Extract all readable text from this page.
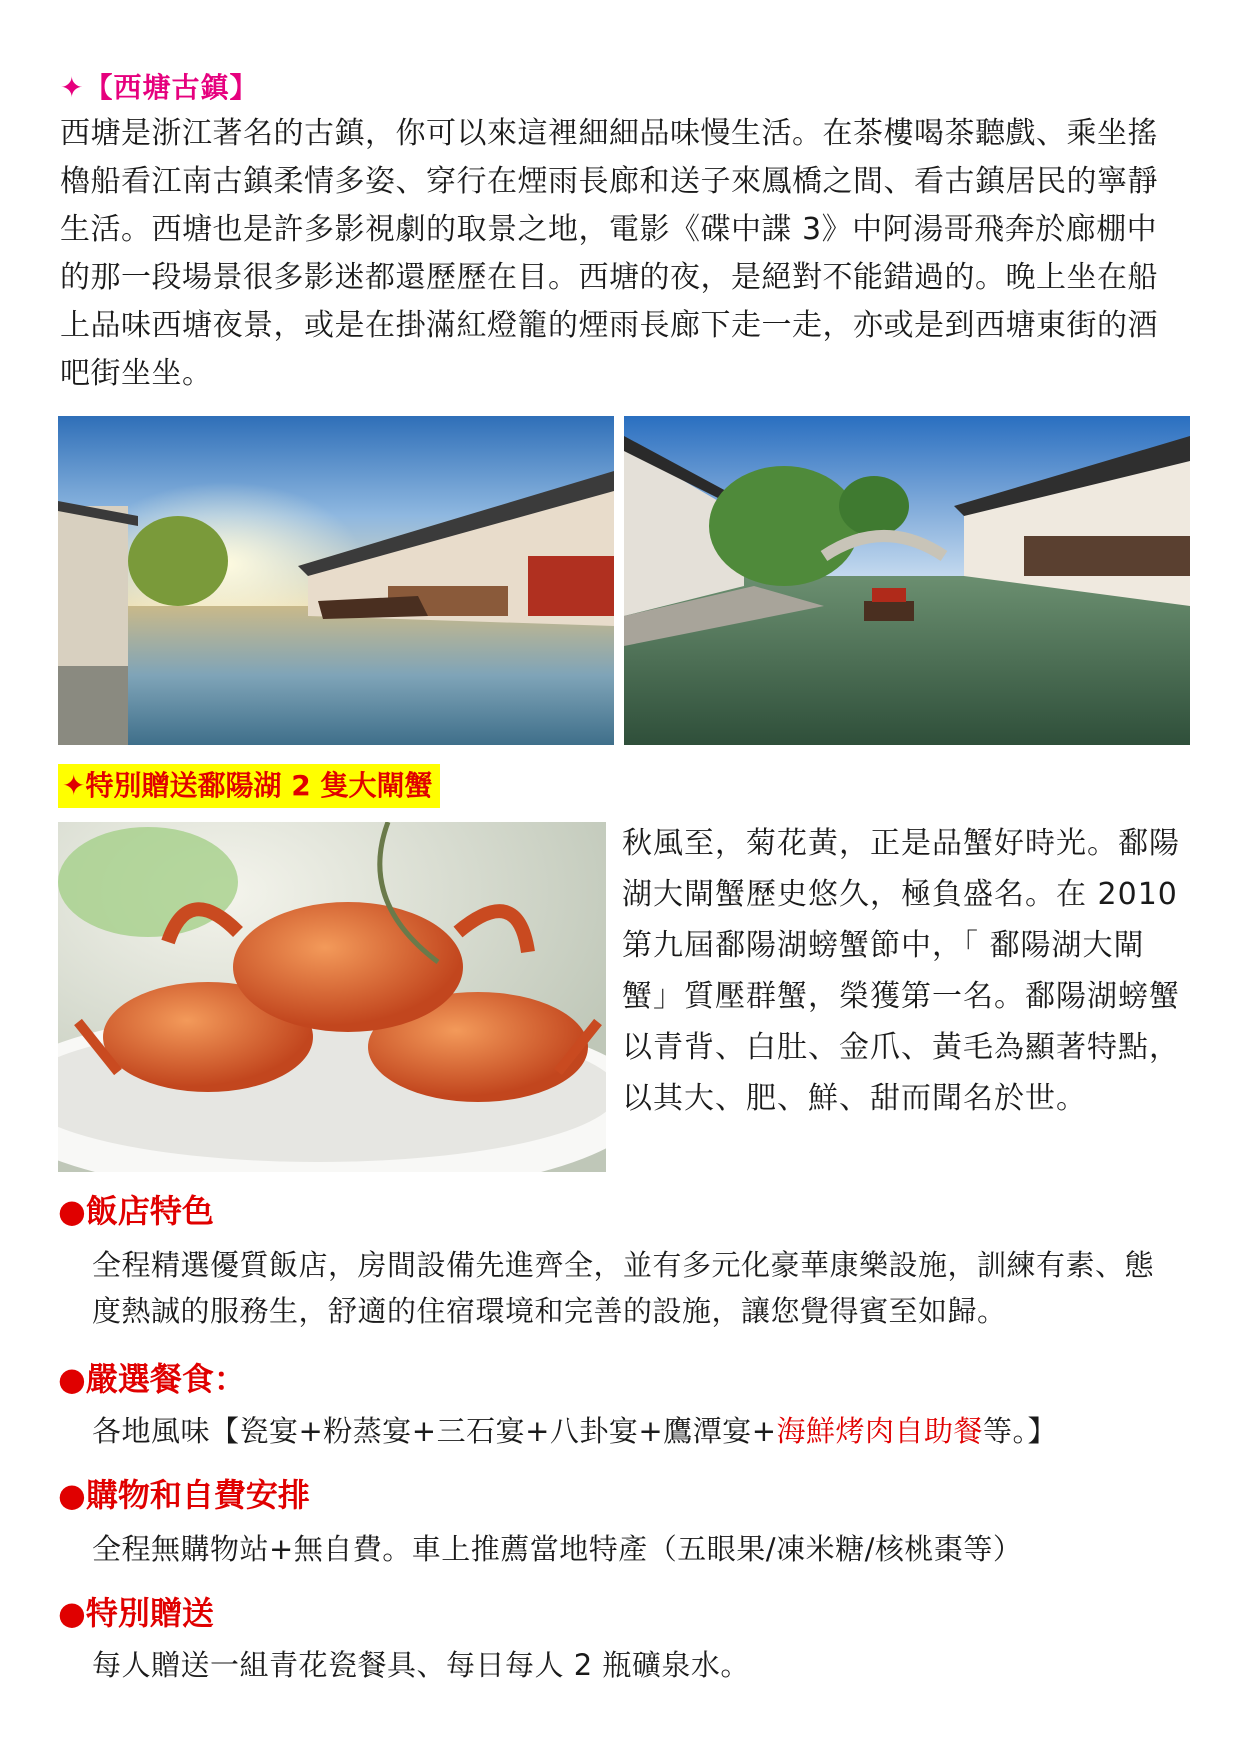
✦【西塘古鎮】

西塘是浙江著名的古鎮，你可以來這裡細細品味慢生活。在茶樓喝茶聽戲、乘坐搖櫓船看江南古鎮柔情多姿、穿行在煙雨長廊和送子來鳳橋之間、看古鎮居民的寧靜生活。西塘也是許多影視劇的取景之地，電影《碟中諜 3》中阿湯哥飛奔於廊棚中的那一段場景很多影迷都還歷歷在目。西塘的夜，是絕對不能錯過的。晚上坐在船上品味西塘夜景，或是在掛滿紅燈籠的煙雨長廊下走一走，亦或是到西塘東街的酒吧街坐坐。

✦特別贈送鄱陽湖 2 隻大閘蟹

秋風至，菊花黃，正是品蟹好時光。鄱陽湖大閘蟹歷史悠久，極負盛名。在 2010 第九屆鄱陽湖螃蟹節中，「 鄱陽湖大閘蟹」質壓群蟹，榮獲第一名。鄱陽湖螃蟹以青背、白肚、金爪、黃毛為顯著特點，以其大、肥、鮮、甜而聞名於世。

●飯店特色

全程精選優質飯店，房間設備先進齊全，並有多元化豪華康樂設施，訓練有素、態度熱誠的服務生，舒適的住宿環境和完善的設施，讓您覺得賓至如歸。

●嚴選餐食：

各地風味【瓷宴+粉蒸宴+三石宴+八卦宴+鷹潭宴+海鮮烤肉自助餐等。】

●購物和自費安排

全程無購物站+無自費。車上推薦當地特產（五眼果/凍米糖/核桃棗等）

●特別贈送

每人贈送一組青花瓷餐具、每日每人 2 瓶礦泉水。
